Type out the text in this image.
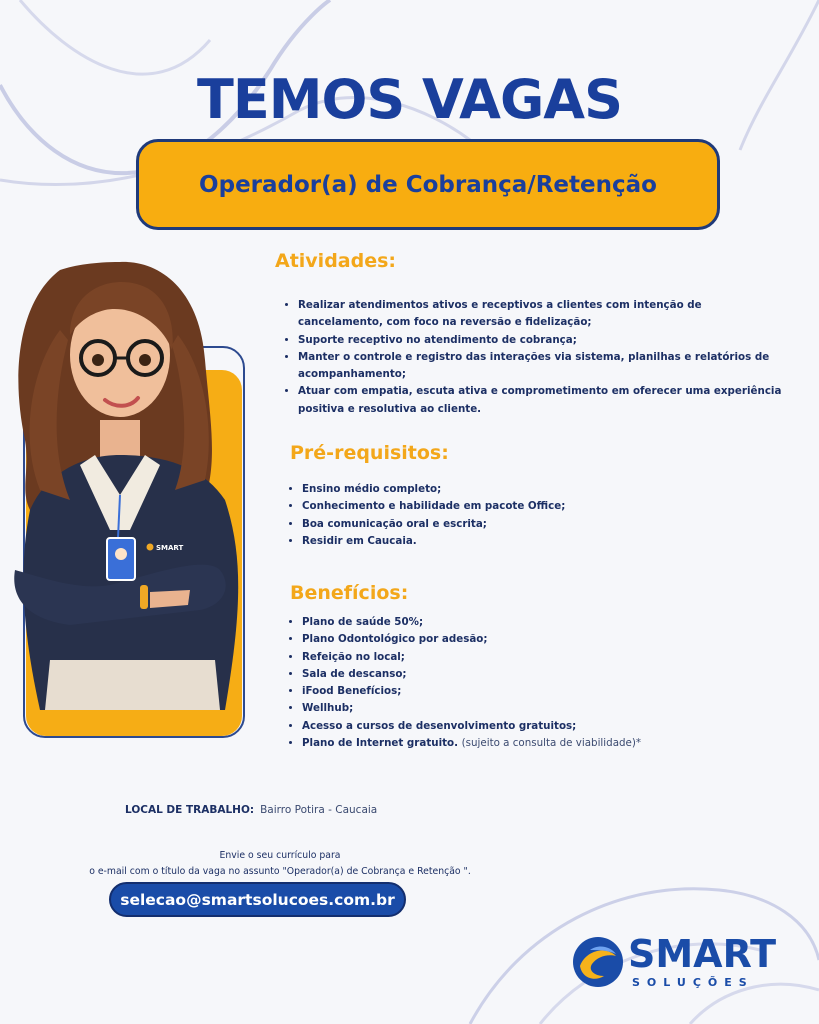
TEMOS VAGAS
Operador(a) de Cobrança/Retenção
SMART
Atividades:
• Realizar atendimentos ativos e receptivos a clientes com intenção de cancelamento, com foco na reversão e fidelização;
• Suporte receptivo no atendimento de cobrança;
• Manter o controle e registro das interações via sistema, planilhas e relatórios de acompanhamento;
• Atuar com empatia, escuta ativa e comprometimento em oferecer uma experiência positiva e resolutiva ao cliente.
Pré-requisitos:
• Ensino médio completo;
• Conhecimento e habilidade em pacote Office;
• Boa comunicação oral e escrita;
• Residir em Caucaia.
Benefícios:
• Plano de saúde 50%;
• Plano Odontológico por adesão;
• Refeição no local;
• Sala de descanso;
• iFood Benefícios;
• Wellhub;
• Acesso a cursos de desenvolvimento gratuitos;
• Plano de Internet gratuito. (sujeito a consulta de viabilidade)*
LOCAL DE TRABALHO: Bairro Potira - Caucaia
Envie o seu currículo para
o e-mail com o título da vaga no assunto "Operador(a) de Cobrança e Retenção ".
selecao@smartsolucoes.com.br
SMART
SOLUÇÕES
